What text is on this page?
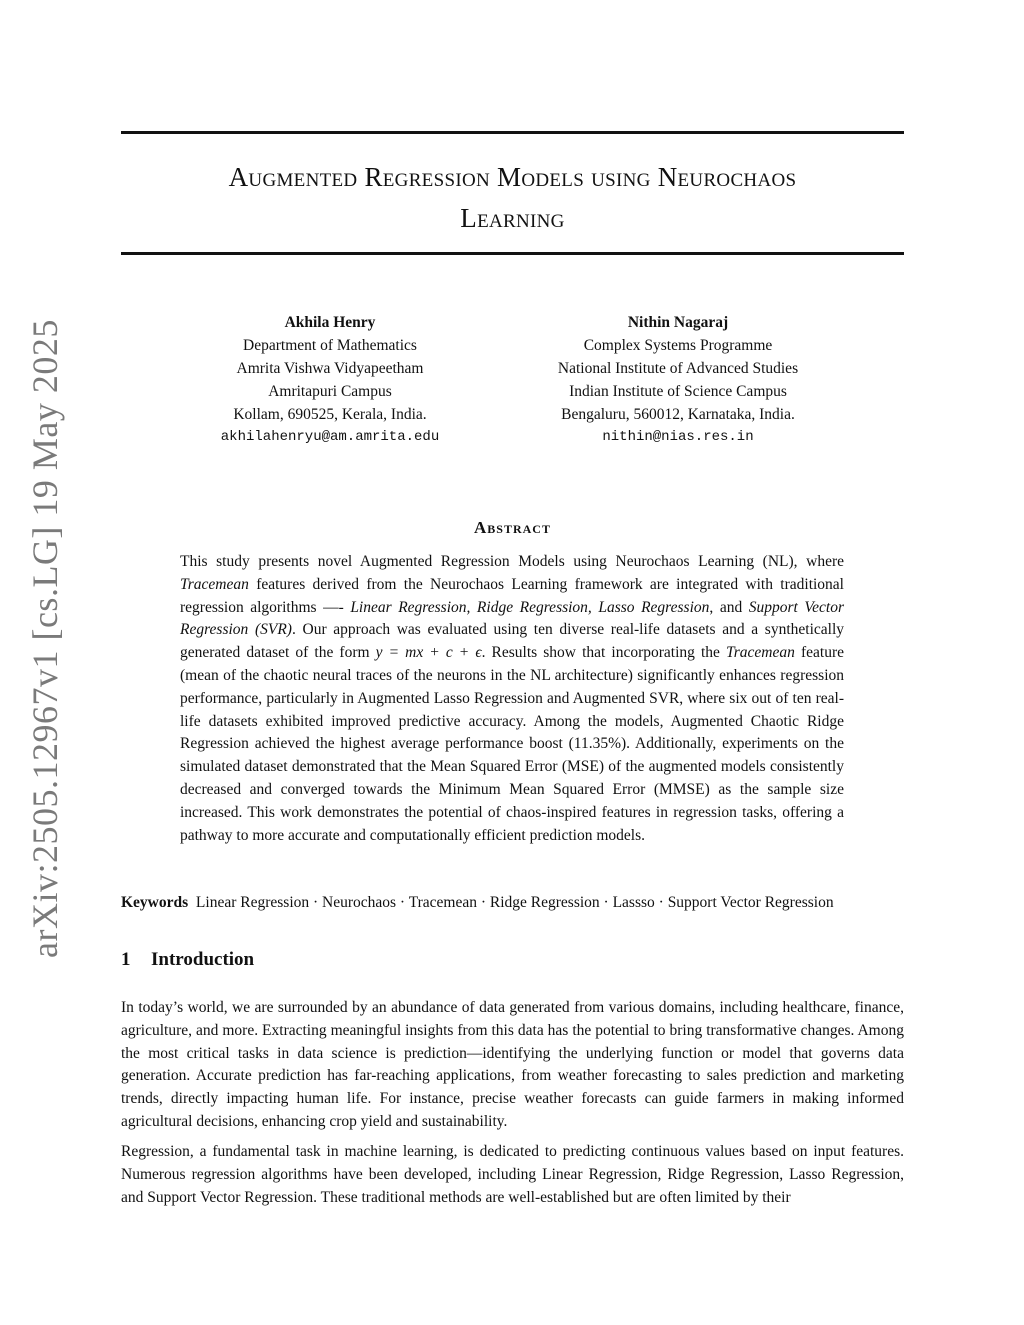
arXiv:2505.12967v1 [cs.LG] 19 May 2025
Augmented Regression Models using Neurochaos
Learning
Akhila Henry
Department of Mathematics
Amrita Vishwa Vidyapeetham
Amritapuri Campus
Kollam, 690525, Kerala, India.
akhilahenryu@am.amrita.edu
Nithin Nagaraj
Complex Systems Programme
National Institute of Advanced Studies
Indian Institute of Science Campus
Bengaluru, 560012, Karnataka, India.
nithin@nias.res.in
Abstract
This study presents novel Augmented Regression Models using Neurochaos Learning (NL), where Tracemean features derived from the Neurochaos Learning framework are integrated with traditional regression algorithms —- Linear Regression, Ridge Regression, Lasso Regression, and Support Vector Regression (SVR). Our approach was evaluated using ten diverse real-life datasets and a synthetically generated dataset of the form y = mx + c + ϵ. Results show that incorporating the Tracemean feature (mean of the chaotic neural traces of the neurons in the NL architecture) significantly enhances regression performance, particularly in Augmented Lasso Regression and Augmented SVR, where six out of ten real-life datasets exhibited improved predictive accuracy. Among the models, Augmented Chaotic Ridge Regression achieved the highest average performance boost (11.35%). Additionally, experiments on the simulated dataset demonstrated that the Mean Squared Error (MSE) of the augmented models consistently decreased and converged towards the Minimum Mean Squared Error (MMSE) as the sample size increased. This work demonstrates the potential of chaos-inspired features in regression tasks, offering a pathway to more accurate and computationally efficient prediction models.
Keywords Linear Regression · Neurochaos · Tracemean · Ridge Regression · Lassso · Support Vector Regression
1 Introduction

In today’s world, we are surrounded by an abundance of data generated from various domains, including healthcare, finance, agriculture, and more. Extracting meaningful insights from this data has the potential to bring transformative changes. Among the most critical tasks in data science is prediction—identifying the underlying function or model that governs data generation. Accurate prediction has far-reaching applications, from weather forecasting to sales prediction and marketing trends, directly impacting human life. For instance, precise weather forecasts can guide farmers in making informed agricultural decisions, enhancing crop yield and sustainability.

Regression, a fundamental task in machine learning, is dedicated to predicting continuous values based on input features. Numerous regression algorithms have been developed, including Linear Regression, Ridge Regression, Lasso Regression, and Support Vector Regression. These traditional methods are well-established but are often limited by their
